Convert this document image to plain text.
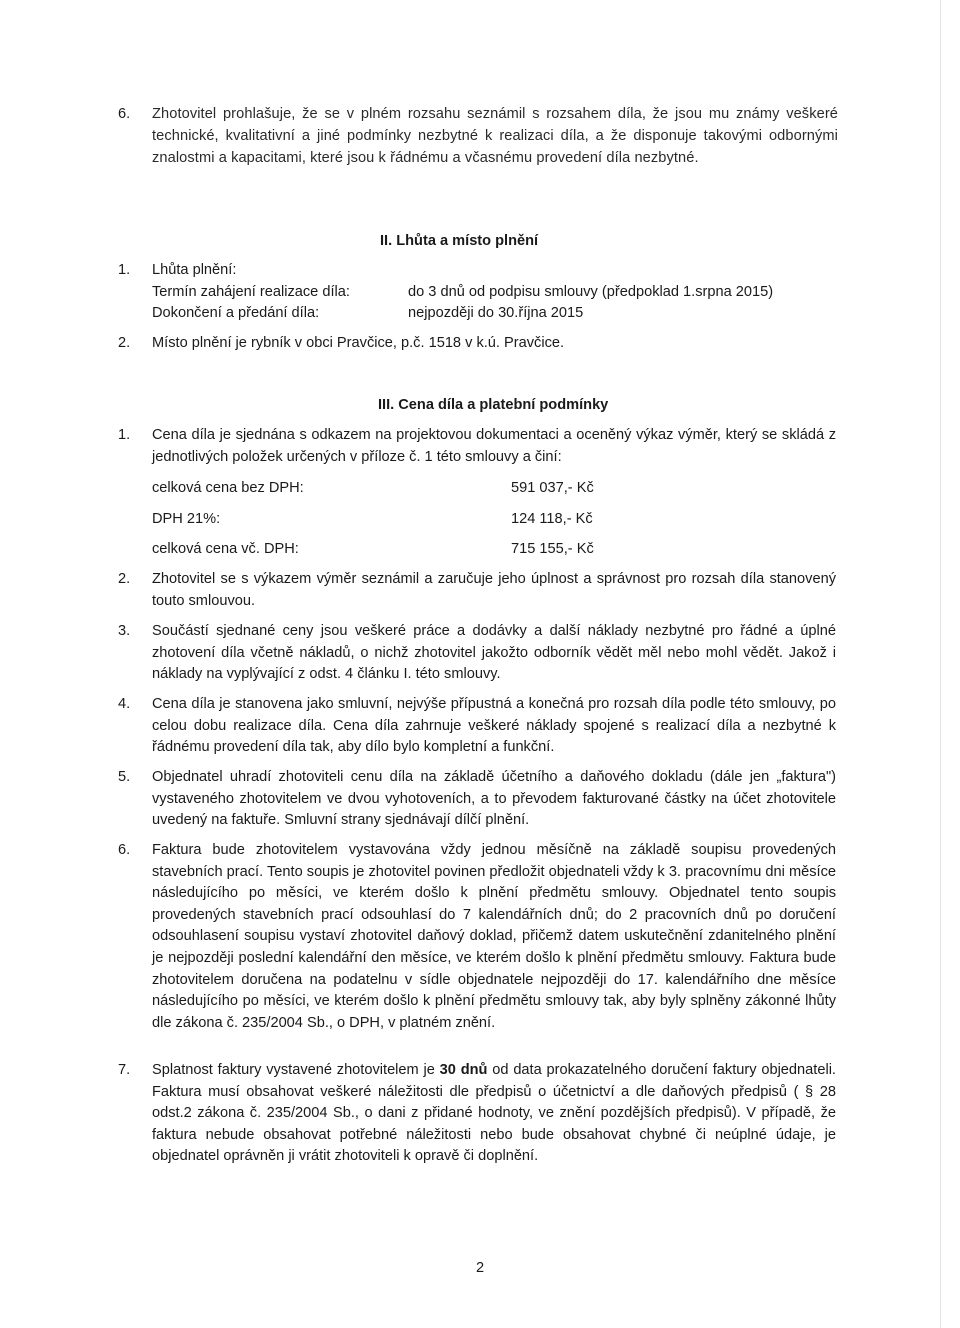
6.	Zhotovitel prohlašuje, že se v plném rozsahu seznámil s rozsahem díla, že jsou mu známy veškeré technické, kvalitativní a jiné podmínky nezbytné k realizaci díla, a že disponuje takovými odbornými znalostmi a kapacitami, které jsou k řádnému a včasnému provedení díla nezbytné.
II. Lhůta a místo plnění
1.	Lhůta plnění:
Termín zahájení realizace díla:	do 3 dnů od podpisu smlouvy (předpoklad 1.srpna 2015)
Dokončení a předání díla:	nejpozději do 30.října 2015
2.	Místo plnění je rybník v obci Pravčice, p.č. 1518 v k.ú. Pravčice.
III. Cena díla a platební podmínky
1.	Cena díla je sjednána s odkazem na projektovou dokumentaci a oceněný výkaz výměr, který se skládá z jednotlivých položek určených v příloze č. 1 této smlouvy a činí:
celková cena bez DPH:	591 037,- Kč
DPH 21%:	124 118,- Kč
celková cena vč. DPH:	715 155,- Kč
2.	Zhotovitel se s výkazem výměr seznámil a zaručuje jeho úplnost a správnost pro rozsah díla stanovený touto smlouvou.
3.	Součástí sjednané ceny jsou veškeré práce a dodávky a další náklady nezbytné pro řádné a úplné zhotovení díla včetně nákladů, o nichž zhotovitel jakožto odborník vědět měl nebo mohl vědět. Jakož i náklady na vyplývající z odst. 4 článku I. této smlouvy.
4.	Cena díla je stanovena jako smluvní, nejvýše přípustná a konečná pro rozsah díla podle této smlouvy, po celou dobu realizace díla. Cena díla zahrnuje veškeré náklady spojené s realizací díla a nezbytné k řádnému provedení díla tak, aby dílo bylo kompletní a funkční.
5.	Objednatel uhradí zhotoviteli cenu díla na základě účetního a daňového dokladu (dále jen „faktura") vystaveného zhotovitelem ve dvou vyhotoveních, a to převodem fakturované částky na účet zhotovitele uvedený na faktuře. Smluvní strany sjednávají dílčí plnění.
6.	Faktura bude zhotovitelem vystavována vždy jednou měsíčně na základě soupisu provedených stavebních prací. Tento soupis je zhotovitel povinen předložit objednateli vždy k 3. pracovnímu dni měsíce následujícího po měsíci, ve kterém došlo k plnění předmětu smlouvy. Objednatel tento soupis provedených stavebních prací odsouhlasí do 7 kalendářních dnů; do 2 pracovních dnů po doručení odsouhlasení soupisu vystaví zhotovitel daňový doklad, přičemž datem uskutečnění zdanitelného plnění je nejpozději poslední kalendářní den měsíce, ve kterém došlo k plnění předmětu smlouvy. Faktura bude zhotovitelem doručena na podatelnu v sídle objednatele nejpozději do 17. kalendářního dne měsíce následujícího po měsíci, ve kterém došlo k plnění předmětu smlouvy tak, aby byly splněny zákonné lhůty dle zákona č. 235/2004 Sb., o DPH, v platném znění.
7.	Splatnost faktury vystavené zhotovitelem je 30 dnů od data prokazatelného doručení faktury objednateli. Faktura musí obsahovat veškeré náležitosti dle předpisů o účetnictví a dle daňových předpisů ( § 28 odst.2 zákona č. 235/2004 Sb., o dani z přidané hodnoty, ve znění pozdějších předpisů). V případě, že faktura nebude obsahovat potřebné náležitosti nebo bude obsahovat chybné či neúplné údaje, je objednatel oprávněn ji vrátit zhotoviteli k opravě či doplnění.
2
